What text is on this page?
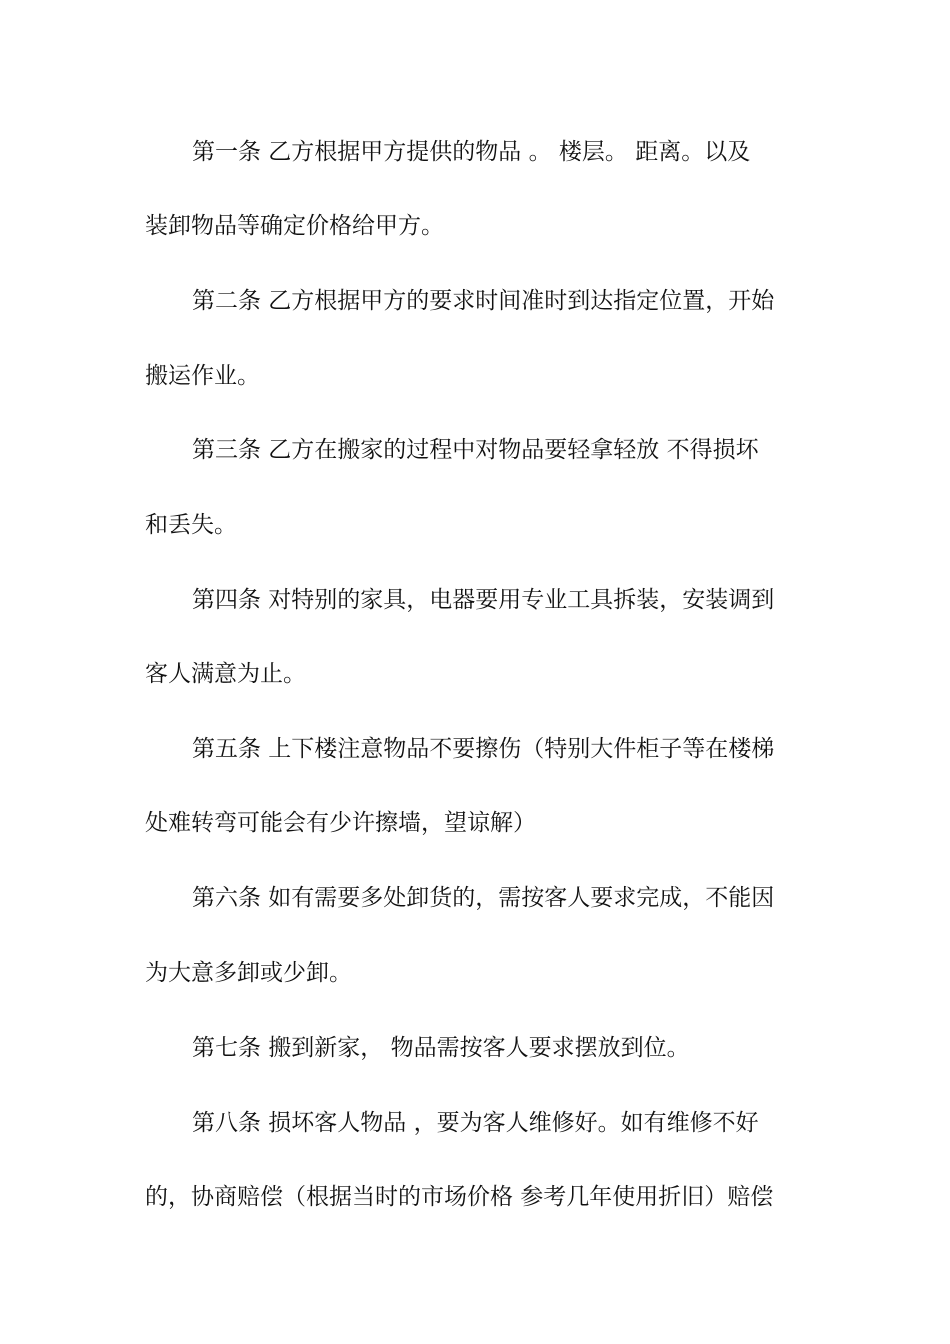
第一条 乙方根据甲方提供的物品 。 楼层。 距离。以及
装卸物品等确定价格给甲方。
第二条 乙方根据甲方的要求时间准时到达指定位置，开始
搬运作业。
第三条 乙方在搬家的过程中对物品要轻拿轻放 不得损坏
和丢失。
第四条 对特别的家具，电器要用专业工具拆装，安装调到
客人满意为止。
第五条 上下楼注意物品不要擦伤（特别大件柜子等在楼梯
处难转弯可能会有少许擦墙，望谅解）
第六条 如有需要多处卸货的，需按客人要求完成，不能因
为大意多卸或少卸。
第七条 搬到新家， 物品需按客人要求摆放到位。
第八条 损坏客人物品 ，要为客人维修好。如有维修不好
的，协商赔偿（根据当时的市场价格 参考几年使用折旧）赔偿
